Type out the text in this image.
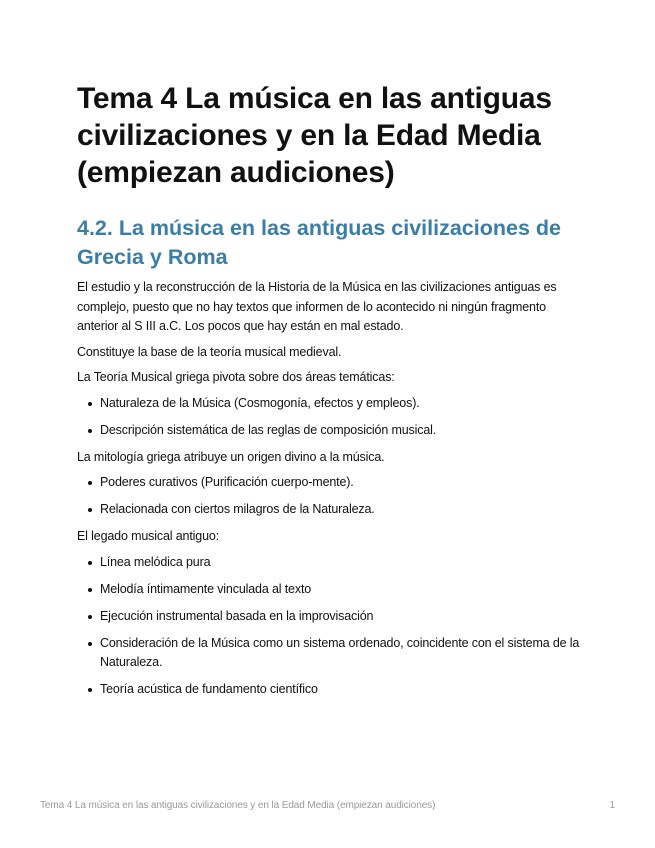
Tema 4 La música en las antiguas civilizaciones y en la Edad Media (empiezan audiciones)
4.2. La música en las antiguas civilizaciones de Grecia y Roma

El estudio y la reconstrucción de la Historia de la Música en las civilizaciones antiguas es complejo, puesto que no hay textos que informen de lo acontecido ni ningún fragmento anterior al S III a.C. Los pocos que hay están en mal estado.

Constituye la base de la teoría musical medieval.

La Teoría Musical griega pivota sobre dos áreas temáticas:

Naturaleza de la Música (Cosmogonía, efectos y empleos).
Descripción sistemática de las reglas de composición musical.

La mitología griega atribuye un origen divino a la música.

Poderes curativos (Purificación cuerpo-mente).
Relacionada con ciertos milagros de la Naturaleza.

El legado musical antiguo:

Línea melódica pura
Melodía íntimamente vinculada al texto
Ejecución instrumental basada en la improvisación
Consideración de la Música como un sistema ordenado, coincidente con el sistema de la Naturaleza.
Teoría acústica de fundamento científico
Tema 4 La música en las antiguas civilizaciones y en la Edad Media (empiezan audiciones)	1
